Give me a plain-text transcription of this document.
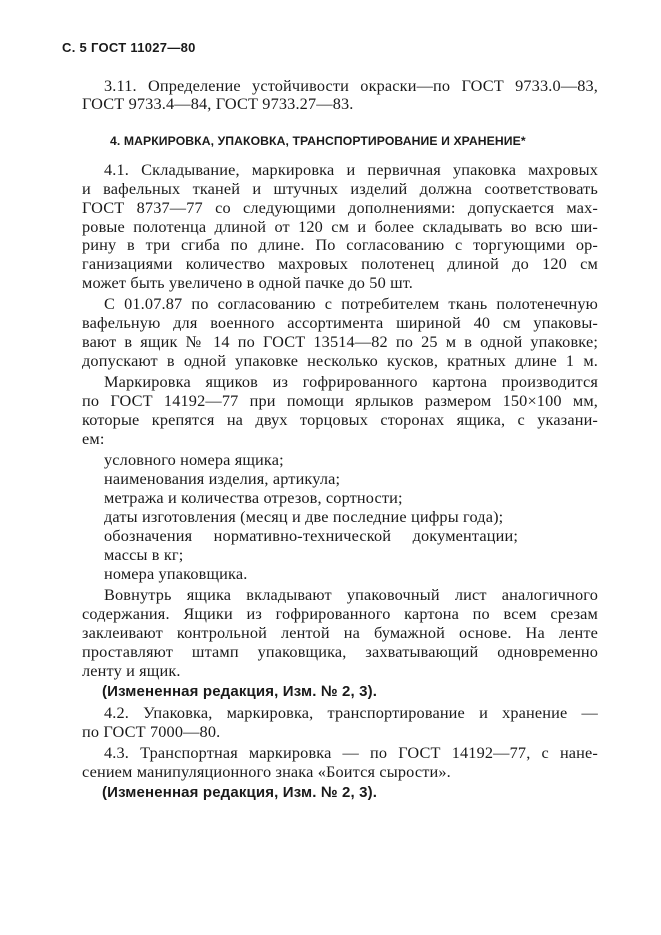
С. 5 ГОСТ 11027—80
3.11. Определение устойчивости окраски—по ГОСТ 9733.0—83,
ГОСТ 9733.4—84, ГОСТ 9733.27—83.
4. МАРКИРОВКА, УПАКОВКА, ТРАНСПОРТИРОВАНИЕ И ХРАНЕНИЕ*
4.1. Складывание, маркировка и первичная упаковка махровых
и вафельных тканей и штучных изделий должна соответствовать
ГОСТ 8737—77 со следующими дополнениями: допускается мах-
ровые полотенца длиной от 120 см и более складывать во всю ши-
рину в три сгиба по длине. По согласованию с торгующими ор-
ганизациями количество махровых полотенец длиной до 120 см
может быть увеличено в одной пачке до 50 шт.
С 01.07.87 по согласованию с потребителем ткань полотенечную
вафельную для военного ассортимента шириной 40 см упаковы-
вают в ящик № 14 по ГОСТ 13514—82 по 25 м в одной упаковке;
допускают в одной упаковке несколько кусков, кратных длине 1 м.
Маркировка ящиков из гофрированного картона производится
по ГОСТ 14192—77 при помощи ярлыков размером 150×100 мм,
которые крепятся на двух торцовых сторонах ящика, с указани-
ем:
условного номера ящика;
наименования изделия, артикула;
метража и количества отрезов, сортности;
даты изготовления (месяц и две последние цифры года);
обозначения нормативно-технической документации;
массы в кг;
номера упаковщика.
Вовнутрь ящика вкладывают упаковочный лист аналогичного
содержания. Ящики из гофрированного картона по всем срезам
заклеивают контрольной лентой на бумажной основе. На ленте
проставляют штамп упаковщика, захватывающий одновременно
ленту и ящик.
(Измененная редакция, Изм. № 2, 3).
4.2. Упаковка, маркировка, транспортирование и хранение —
по ГОСТ 7000—80.
4.3. Транспортная маркировка — по ГОСТ 14192—77, с нане-
сением манипуляционного знака «Боится сырости».
(Измененная редакция, Изм. № 2, 3).
